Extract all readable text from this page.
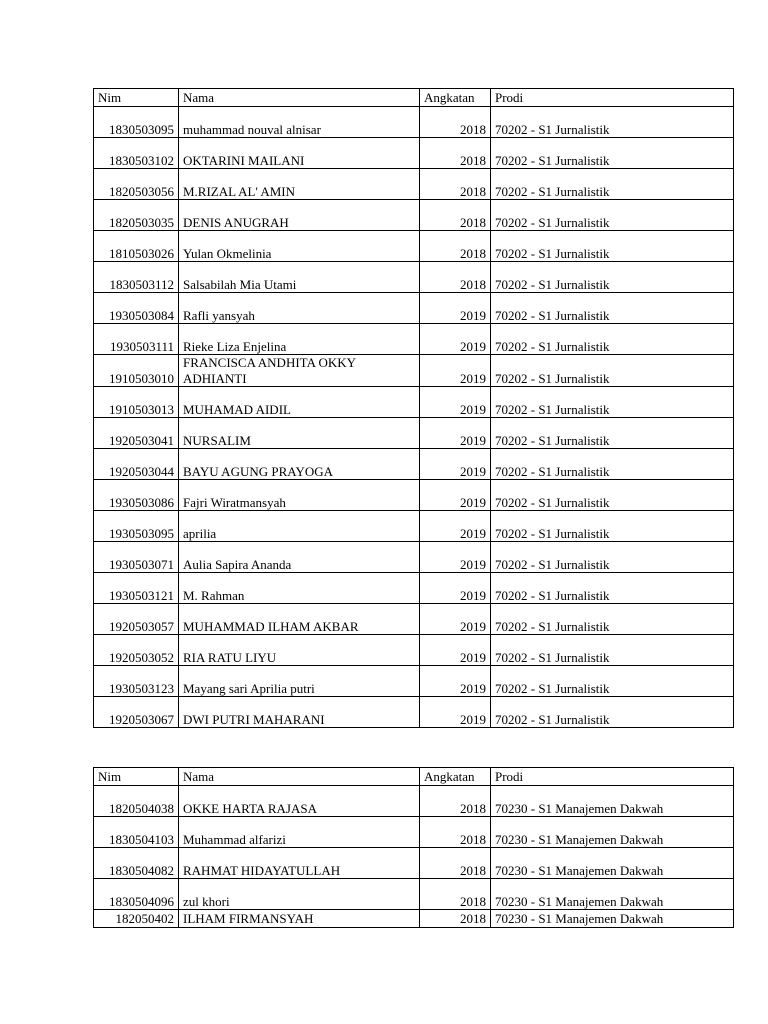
Nim	Nama	Angkatan	Prodi
1830503095	muhammad nouval alnisar	2018	70202 - S1 Jurnalistik
1830503102	OKTARINI MAILANI	2018	70202 - S1 Jurnalistik
1820503056	M.RIZAL AL' AMIN	2018	70202 - S1 Jurnalistik
1820503035	DENIS ANUGRAH	2018	70202 - S1 Jurnalistik
1810503026	Yulan Okmelinia	2018	70202 - S1 Jurnalistik
1830503112	Salsabilah Mia Utami	2018	70202 - S1 Jurnalistik
1930503084	Rafli yansyah	2019	70202 - S1 Jurnalistik
1930503111	Rieke Liza Enjelina	2019	70202 - S1 Jurnalistik
1910503010	FRANCISCA ANDHITA OKKY ADHIANTI	2019	70202 - S1 Jurnalistik
1910503013	MUHAMAD AIDIL	2019	70202 - S1 Jurnalistik
1920503041	NURSALIM	2019	70202 - S1 Jurnalistik
1920503044	BAYU AGUNG PRAYOGA	2019	70202 - S1 Jurnalistik
1930503086	Fajri Wiratmansyah	2019	70202 - S1 Jurnalistik
1930503095	aprilia	2019	70202 - S1 Jurnalistik
1930503071	Aulia Sapira Ananda	2019	70202 - S1 Jurnalistik
1930503121	M. Rahman	2019	70202 - S1 Jurnalistik
1920503057	MUHAMMAD ILHAM AKBAR	2019	70202 - S1 Jurnalistik
1920503052	RIA RATU LIYU	2019	70202 - S1 Jurnalistik
1930503123	Mayang sari Aprilia putri	2019	70202 - S1 Jurnalistik
1920503067	DWI PUTRI MAHARANI	2019	70202 - S1 Jurnalistik
Nim	Nama	Angkatan	Prodi
1820504038	OKKE HARTA RAJASA	2018	70230 - S1 Manajemen Dakwah
1830504103	Muhammad alfarizi	2018	70230 - S1 Manajemen Dakwah
1830504082	RAHMAT HIDAYATULLAH	2018	70230 - S1 Manajemen Dakwah
1830504096	zul khori	2018	70230 - S1 Manajemen Dakwah
182050402	ILHAM FIRMANSYAH	2018	70230 - S1 Manajemen Dakwah
